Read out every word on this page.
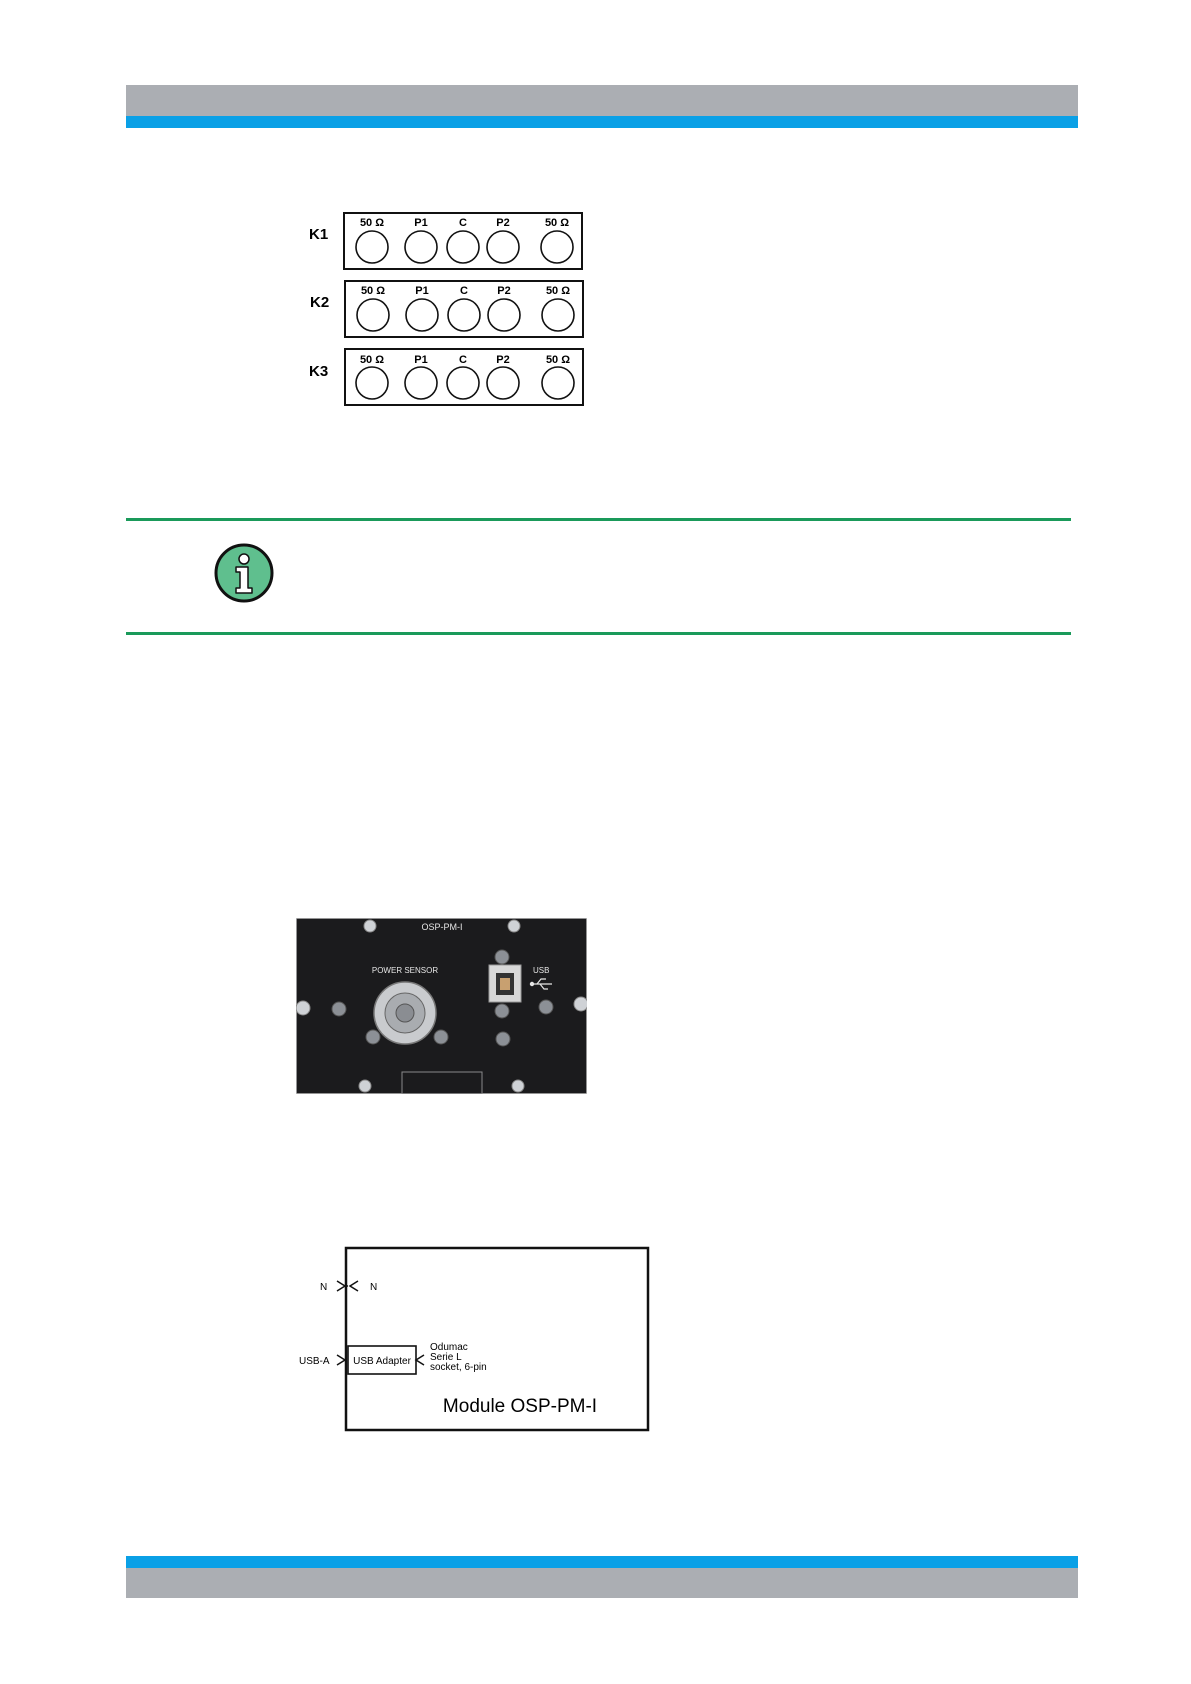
K1
50 Ω	P1	C	P2	50 Ω
K2
50 Ω	P1	C	P2	50 Ω
K3
50 Ω	P1	C	P2	50 Ω
OSP-PM-I
POWER SENSOR	USB
N	N
USB-A USB Adapter
Odumac
Serie L
socket, 6-pin
Module OSP-PM-I
